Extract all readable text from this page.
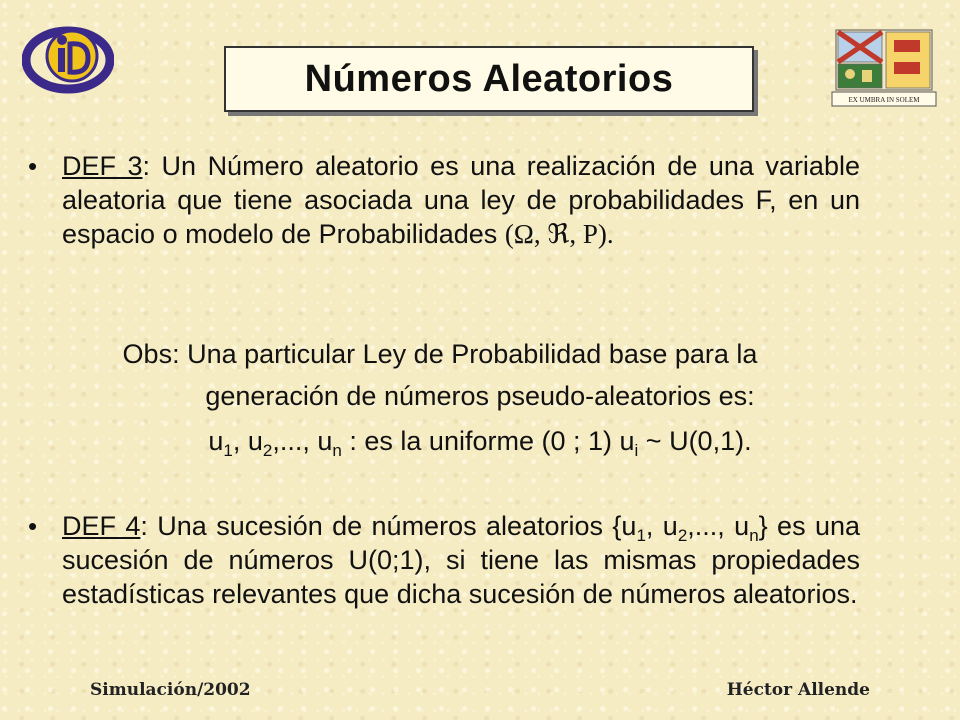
Números Aleatorios
EX UMBRA IN SOLEM
• DEF 3: Un Número aleatorio es una realización de una variable aleatoria que tiene asociada una ley de probabilidades F, en un espacio o modelo de Probabilidades (Ω, ℜ, P).
Obs: Una particular Ley de Probabilidad base para la
generación de números pseudo-aleatorios es:
$u_1$, $u_2$,..., $u_n$ : es la uniforme (0 ; 1) $u_i$ ~ U(0,1).
• DEF 4: Una sucesión de números aleatorios {$u_1$, $u_2$,..., $u_n$} es una sucesión de números U(0;1), si tiene las mismas propiedades estadísticas relevantes que dicha sucesión de números aleatorios.
Simulación/2002	Héctor Allende
